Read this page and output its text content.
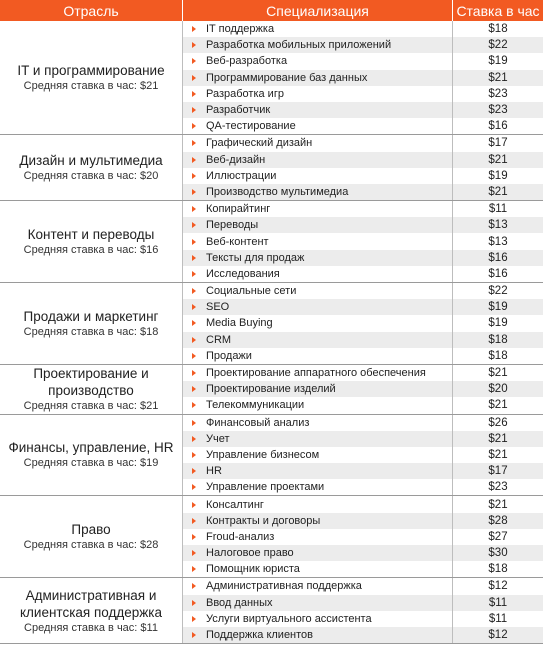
Отрасль	Специализация	Ставка в час
IT и программирование
Средняя ставка в час: $21
IT поддержка	$18
Разработка мобильных приложений	$22
Веб-разработка	$19
Программирование баз данных	$21
Разработка игр	$23
Разработчик	$23
QA-тестирование	$16
Дизайн и мультимедиа
Средняя ставка в час: $20
Графический дизайн	$17
Веб-дизайн	$21
Иллюстрации	$19
Производство мультимедиа	$21
Контент и переводы
Средняя ставка в час: $16
Копирайтинг	$11
Переводы	$13
Веб-контент	$13
Тексты для продаж	$16
Исследования	$16
Продажи и маркетинг
Средняя ставка в час: $18
Социальные сети	$22
SEO	$19
Media Buying	$19
CRM	$18
Продажи	$18
Проектирование и производство
Средняя ставка в час: $21
Проектирование аппаратного обеспечения	$21
Проектирование изделий	$20
Телекоммуникации	$21
Финансы, управление, HR
Средняя ставка в час: $19
Финансовый анализ	$26
Учет	$21
Управление бизнесом	$21
HR	$17
Управление проектами	$23
Право
Средняя ставка в час: $28
Консалтинг	$21
Контракты и договоры	$28
Froud-анализ	$27
Налоговое право	$30
Помощник юриста	$18
Административная и клиентская поддержка
Средняя ставка в час: $11
Административная поддержка	$12
Ввод данных	$11
Услуги виртуального ассистента	$11
Поддержка клиентов	$12
